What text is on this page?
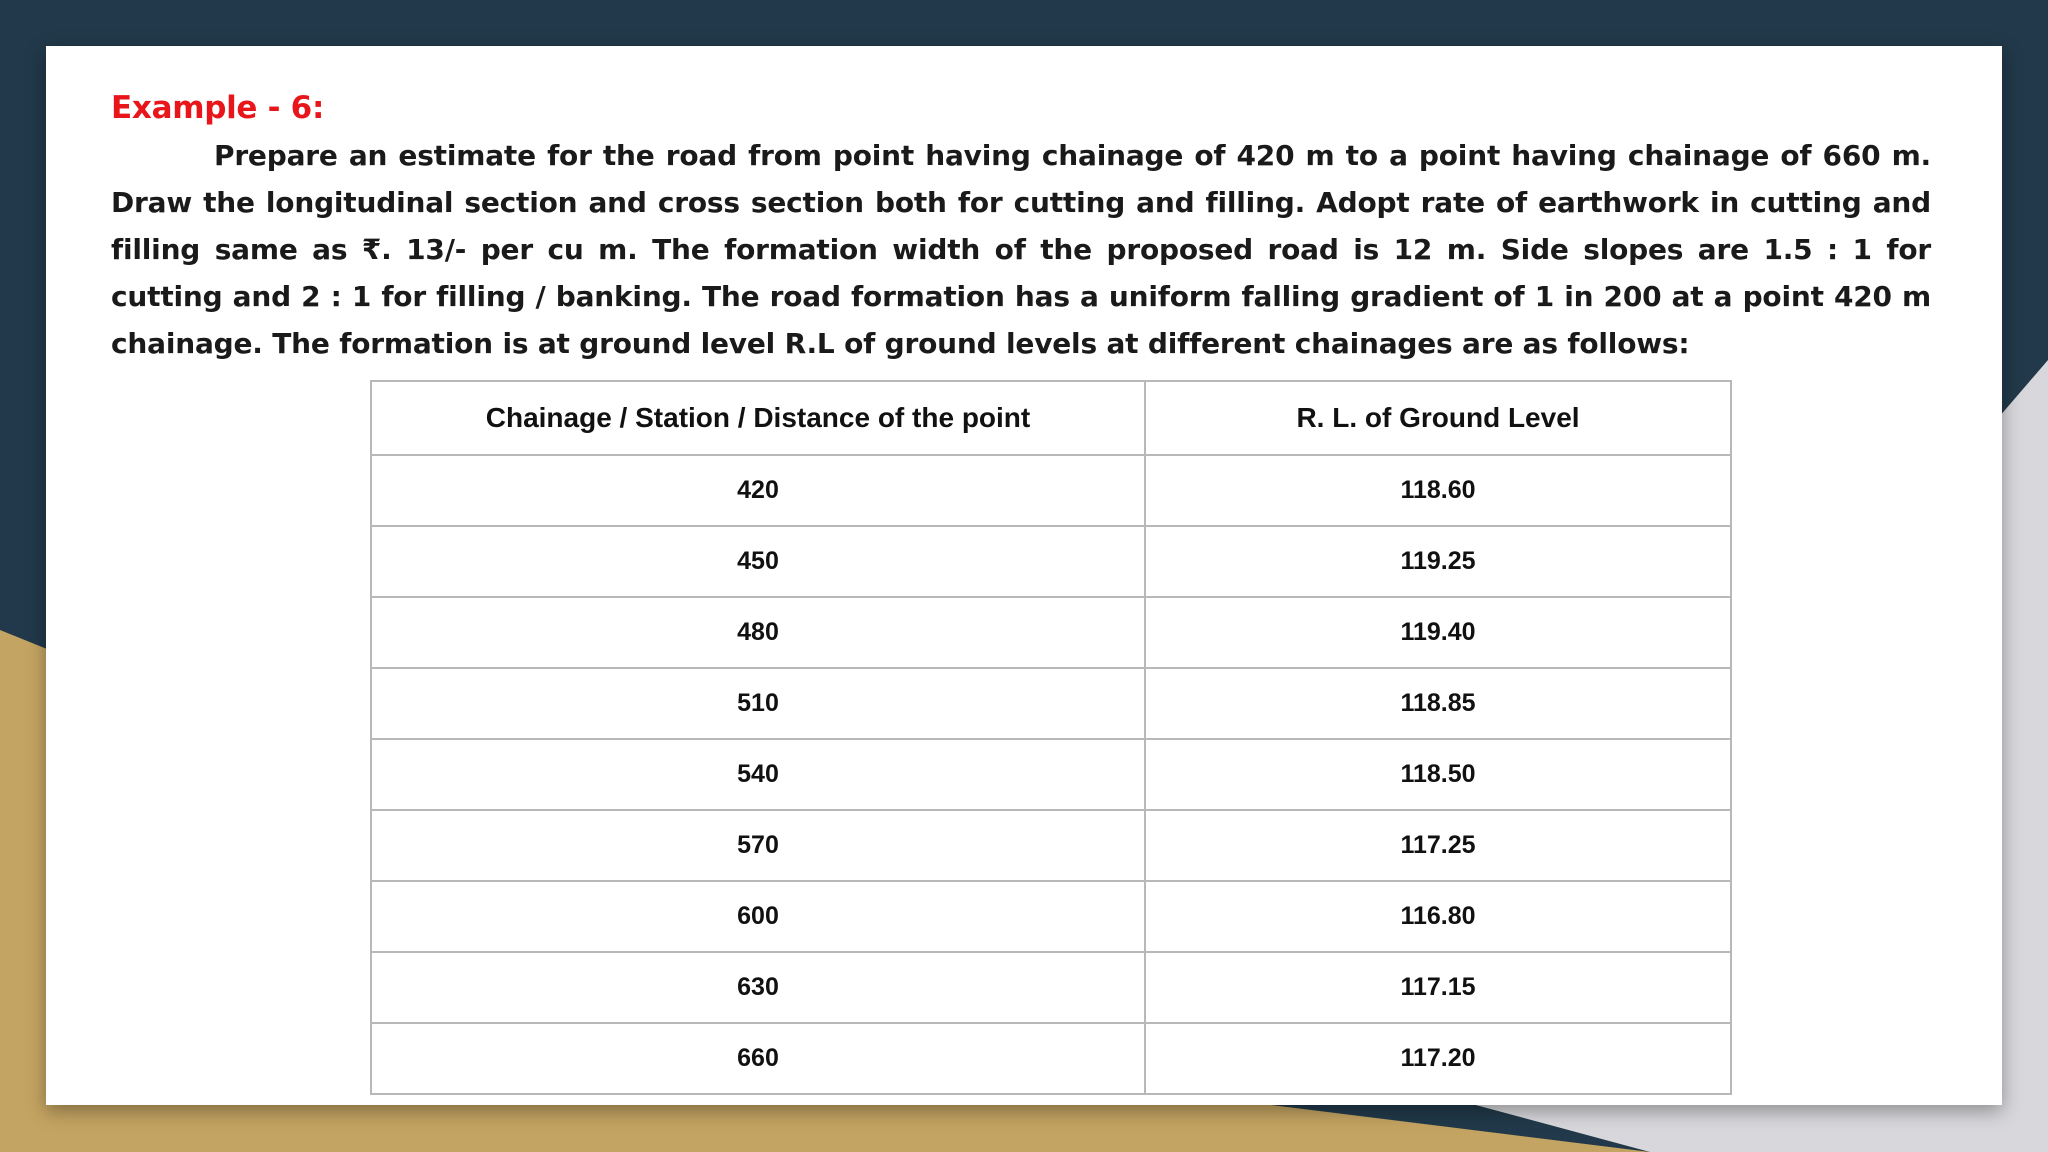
Example - 6:

Prepare an estimate for the road from point having chainage of 420 m to a point having chainage of 660 m. Draw the longitudinal section and cross section both for cutting and filling. Adopt rate of earthwork in cutting and filling same as ₹. 13/- per cu m. The formation width of the proposed road is 12 m. Side slopes are 1.5 : 1 for cutting and 2 : 1 for filling / banking. The road formation has a uniform falling gradient of 1 in 200 at a point 420 m chainage. The formation is at ground level R.L of ground levels at different chainages are as follows:

Chainage / Station / Distance of the point	R. L. of Ground Level
420	118.60
450	119.25
480	119.40
510	118.85
540	118.50
570	117.25
600	116.80
630	117.15
660	117.20
